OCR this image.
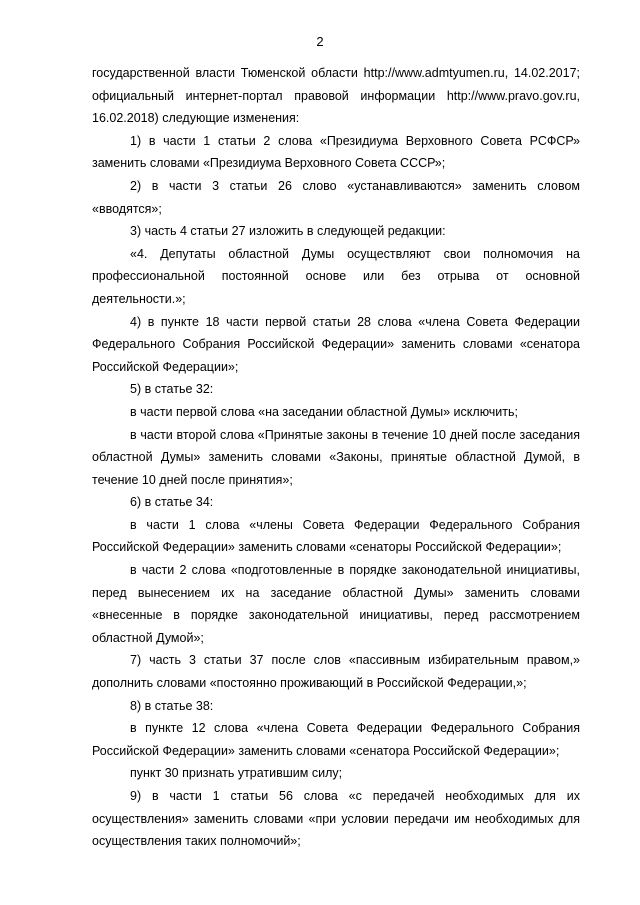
2

государственной власти Тюменской области http://www.admtyumen.ru, 14.02.2017; официальный интернет-портал правовой информации http://www.pravo.gov.ru, 16.02.2018) следующие изменения:

1) в части 1 статьи 2 слова «Президиума Верховного Совета РСФСР» заменить словами «Президиума Верховного Совета СССР»;

2) в части 3 статьи 26 слово «устанавливаются» заменить словом «вводятся»;

3) часть 4 статьи 27 изложить в следующей редакции:

«4. Депутаты областной Думы осуществляют свои полномочия на профессиональной постоянной основе или без отрыва от основной деятельности.»;

4) в пункте 18 части первой статьи 28 слова «члена Совета Федерации Федерального Собрания Российской Федерации» заменить словами «сенатора Российской Федерации»;

5) в статье 32:

в части первой слова «на заседании областной Думы» исключить;

в части второй слова «Принятые законы в течение 10 дней после заседания областной Думы» заменить словами «Законы, принятые областной Думой, в течение 10 дней после принятия»;

6) в статье 34:

в части 1 слова «члены Совета Федерации Федерального Собрания Российской Федерации» заменить словами «сенаторы Российской Федерации»;

в части 2 слова «подготовленные в порядке законодательной инициативы, перед вынесением их на заседание областной Думы» заменить словами «внесенные в порядке законодательной инициативы, перед рассмотрением областной Думой»;

7) часть 3 статьи 37 после слов «пассивным избирательным правом,» дополнить словами «постоянно проживающий в Российской Федерации,»;

8) в статье 38:

в пункте 12 слова «члена Совета Федерации Федерального Собрания Российской Федерации» заменить словами «сенатора Российской Федерации»;

пункт 30 признать утратившим силу;

9) в части 1 статьи 56 слова «с передачей необходимых для их осуществления» заменить словами «при условии передачи им необходимых для осуществления таких полномочий»;
